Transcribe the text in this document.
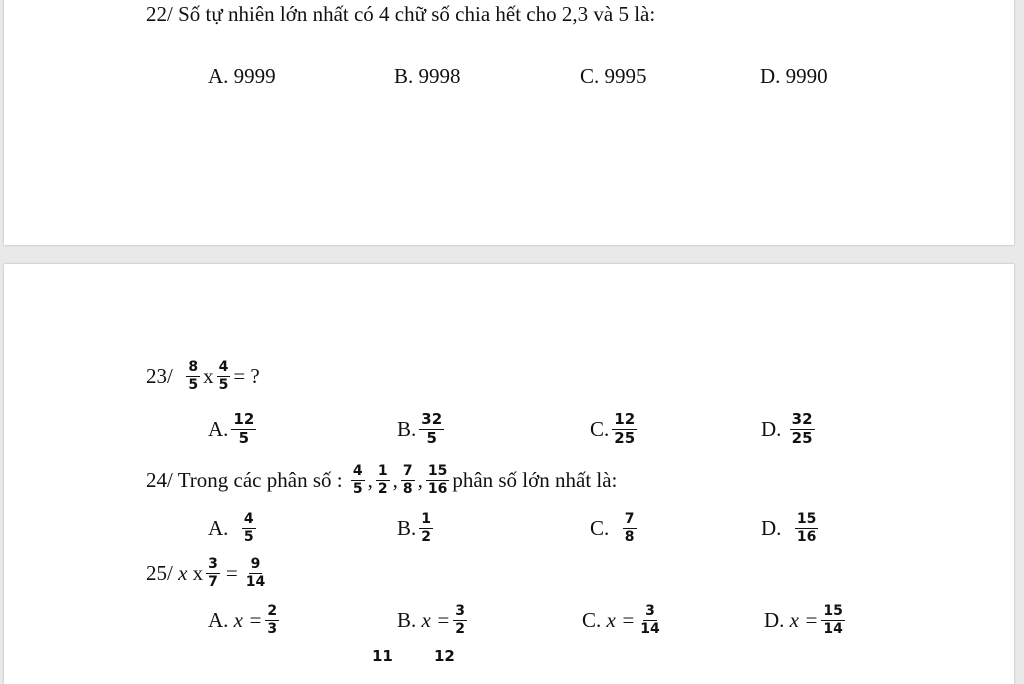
22/ Số tự nhiên lớn nhất có 4 chữ số chia hết cho 2,3 và 5 là:
A.
9999	B.
9998	C.
9995	D.
9990
23/
$\frac{8}{5}$ x $\frac{4}{5}$ = ?
A. $\frac{12}{5}$	B. $\frac{32}{5}$	C. $\frac{12}{25}$	D.
$\frac{32}{25}$
24/ Trong các phân số :
$\frac{4}{5}$ , $\frac{1}{2}$ , $\frac{7}{8}$ , $\frac{15}{16}$ phân số lớn nhất là:
A.
$\frac{4}{5}$	B. $\frac{1}{2}$	C.
$\frac{7}{8}$	D.
$\frac{15}{16}$
25/
x
x $\frac{3}{7} = \frac{9}{14}$
A.
$x = \frac{2}{3}$	B.
$x = \frac{3}{2}$	C.
$x = \frac{3}{14}$	D.
$x = \frac{15}{14}$
11	12
